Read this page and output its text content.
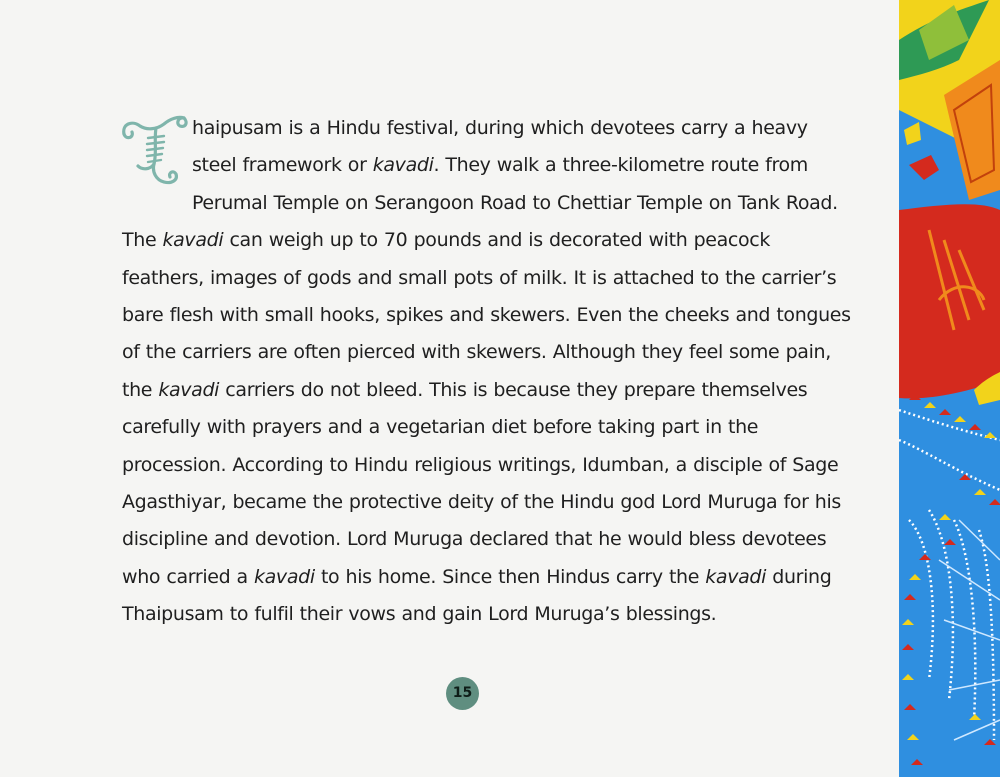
T

haipusam is a Hindu festival, during which devotees carry a heavy steel framework or kavadi. They walk a three-kilometre route from Perumal Temple on Serangoon Road to Chettiar Temple on Tank Road. The kavadi can weigh up to 70 pounds and is decorated with peacock feathers, images of gods and small pots of milk. It is attached to the carrier’s bare flesh with small hooks, spikes and skewers. Even the cheeks and tongues of the carriers are often pierced with skewers. Although they feel some pain, the kavadi carriers do not bleed. This is because they prepare themselves carefully with prayers and a vegetarian diet before taking part in the procession. According to Hindu religious writings, Idumban, a disciple of Sage Agasthiyar, became the protective deity of the Hindu god Lord Muruga for his discipline and devotion. Lord Muruga declared that he would bless devotees who carried a kavadi to his home. Since then Hindus carry the kavadi during Thaipusam to fulfil their vows and gain Lord Muruga’s blessings.

15
